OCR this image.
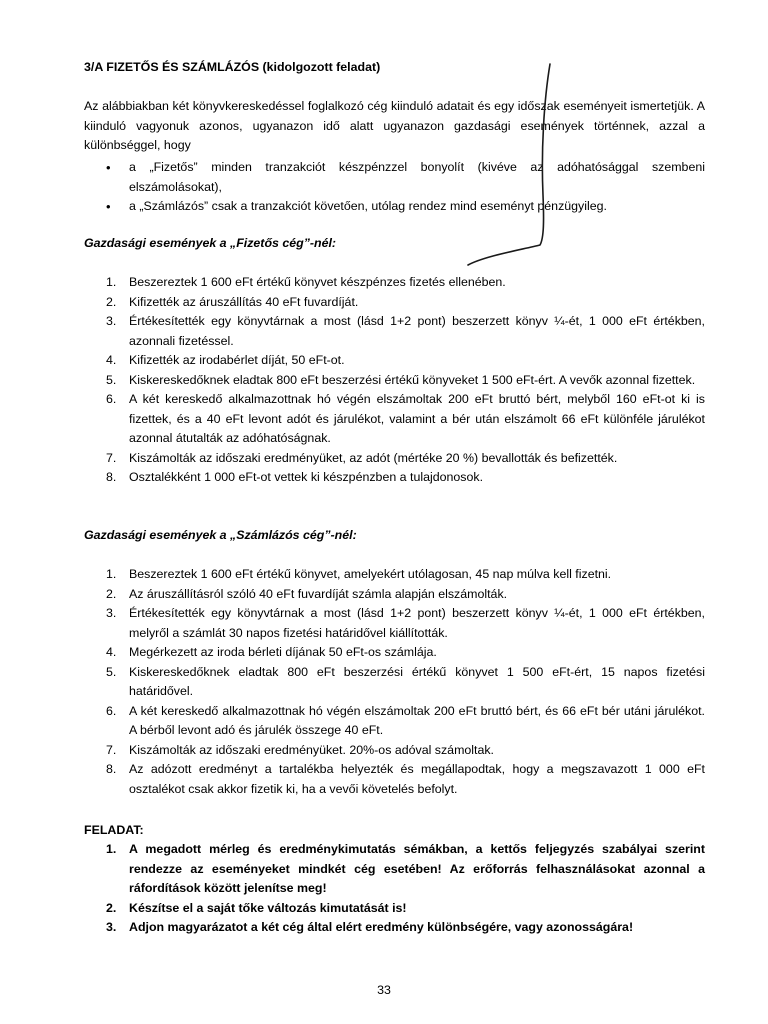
3/A FIZETŐS ÉS SZÁMLÁZÓS (kidolgozott feladat)

Az alábbiakban két könyvkereskedéssel foglalkozó cég kiinduló adatait és egy időszak eseményeit ismertetjük. A kiinduló vagyonuk azonos, ugyanazon idő alatt ugyanazon gazdasági események történnek, azzal a különbséggel, hogy

• a „Fizetős” minden tranzakciót készpénzzel bonyolít (kivéve az adóhatósággal szembeni elszámolásokat),
• a „Számlázós” csak a tranzakciót követően, utólag rendez mind eseményt pénzügyileg.
Gazdasági események a „Fizetős cég”-nél:
1. Beszereztek 1 600 eFt értékű könyvet készpénzes fizetés ellenében.
2. Kifizették az áruszállítás 40 eFt fuvardíját.
3. Értékesítették egy könyvtárnak a most (lásd 1+2 pont) beszerzett könyv ¼-ét, 1 000 eFt értékben, azonnali fizetéssel.
4. Kifizették az irodabérlet díját, 50 eFt-ot.
5. Kiskereskedőknek eladtak 800 eFt beszerzési értékű könyveket 1 500 eFt-ért. A vevők azonnal fizettek.
6. A két kereskedő alkalmazottnak hó végén elszámoltak 200 eFt bruttó bért, melyből 160 eFt-ot ki is fizettek, és a 40 eFt levont adót és járulékot, valamint a bér után elszámolt 66 eFt különféle járulékot azonnal átutalták az adóhatóságnak.
7. Kiszámolták az időszaki eredményüket, az adót (mértéke 20 %) bevallották és befizették.
8. Osztalékként 1 000 eFt-ot vettek ki készpénzben a tulajdonosok.
Gazdasági események a „Számlázós cég”-nél:
1. Beszereztek 1 600 eFt értékű könyvet, amelyekért utólagosan, 45 nap múlva kell fizetni.
2. Az áruszállításról szóló 40 eFt fuvardíját számla alapján elszámolták.
3. Értékesítették egy könyvtárnak a most (lásd 1+2 pont) beszerzett könyv ¼-ét, 1 000 eFt értékben, melyről a számlát 30 napos fizetési határidővel kiállították.
4. Megérkezett az iroda bérleti díjának 50 eFt-os számlája.
5. Kiskereskedőknek eladtak 800 eFt beszerzési értékű könyvet 1 500 eFt-ért, 15 napos fizetési határidővel.
6. A két kereskedő alkalmazottnak hó végén elszámoltak 200 eFt bruttó bért, és 66 eFt bér utáni járulékot. A bérből levont adó és járulék összege 40 eFt.
7. Kiszámolták az időszaki eredményüket. 20%-os adóval számoltak.
8. Az adózott eredményt a tartalékba helyezték és megállapodtak, hogy a megszavazott 1 000 eFt osztalékot csak akkor fizetik ki, ha a vevői követelés befolyt.
FELADAT:
1. A megadott mérleg és eredménykimutatás sémákban, a kettős feljegyzés szabályai szerint rendezze az eseményeket mindkét cég esetében! Az erőforrás felhasználásokat azonnal a ráfordítások között jelenítse meg!
2. Készítse el a saját tőke változás kimutatását is!
3. Adjon magyarázatot a két cég által elért eredmény különbségére, vagy azonosságára!
33
